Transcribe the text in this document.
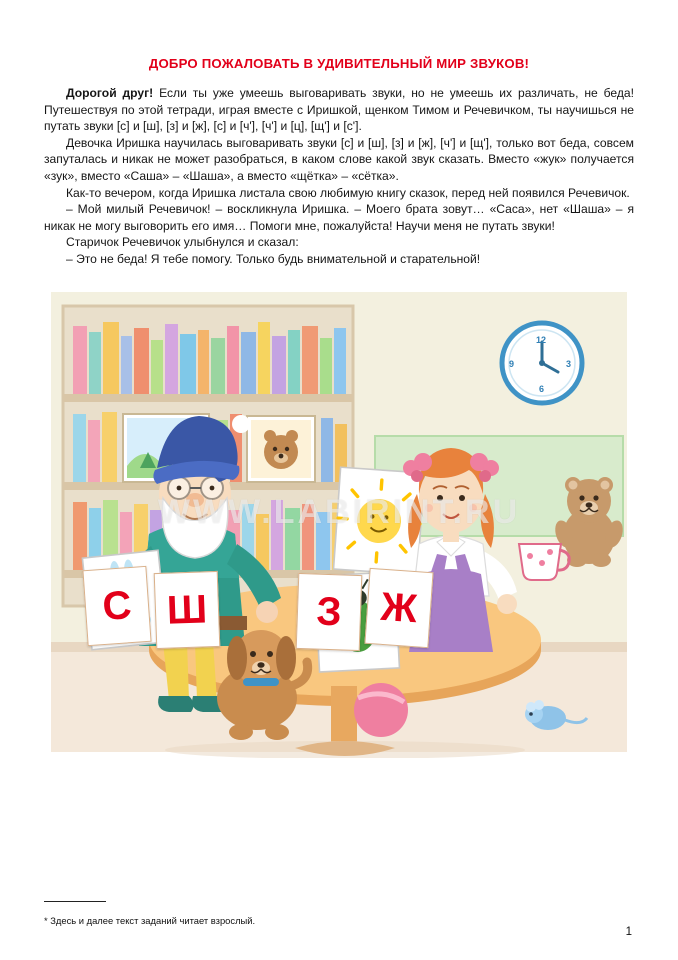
ДОБРО ПОЖАЛОВАТЬ В УДИВИТЕЛЬНЫЙ МИР ЗВУКОВ!

Дорогой друг! Если ты уже умеешь выговаривать звуки, но не умеешь их различать, не беда! Путешествуя по этой тетради, играя вместе с Иришкой, щенком Тимом и Речевичком, ты научишься не путать звуки [с] и [ш], [з] и [ж], [с] и [ч'], [ч'] и [ц], [щ'] и [с'].

Девочка Иришка научилась выговаривать звуки [с] и [ш], [з] и [ж], [ч'] и [щ'], только вот беда, совсем запуталась и никак не может разобраться, в каком слове какой звук сказать. Вместо «жук» получается «зук», вместо «Саша» – «Шаша», а вместо «щётка» – «сётка».

Как-то вечером, когда Иришка листала свою любимую книгу сказок, перед ней появился Речевичок.

– Мой милый Речевичок! – воскликнула Иришка. – Моего брата зовут… «Саса», нет «Шаша» – я никак не могу выговорить его имя… Помоги мне, пожалуйста! Научи меня не путать звуки!

Старичок Речевичок улыбнулся и сказал:

– Это не беда! Я тебе помогу. Только будь внимательной и старательной!

С Ш	З Ж
12
3
6
9
WWW.LABIRINT.RU
* Здесь и далее текст заданий читает взрослый.
1
